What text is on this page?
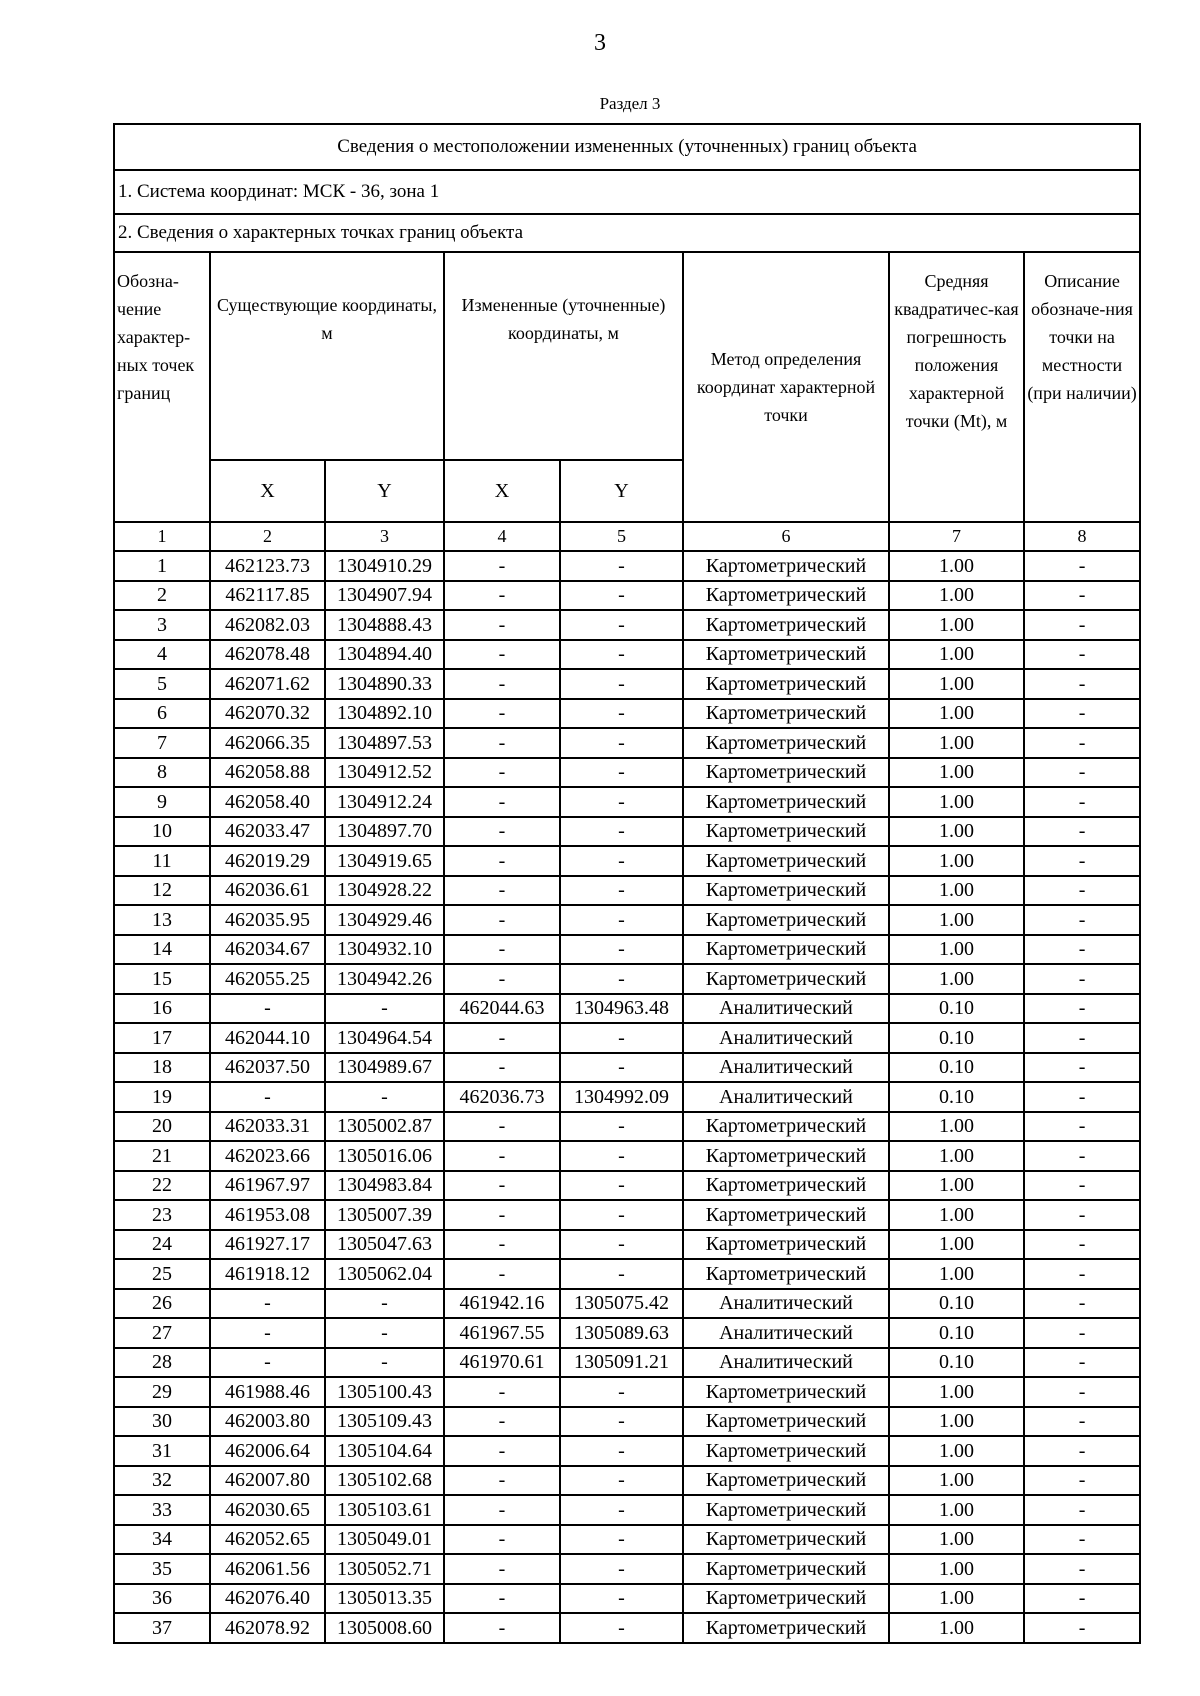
3
Раздел 3
Сведения о местоположении измененных (уточненных) границ объекта							
1. Система координат: МСК - 36, зона 1							
2. Сведения о характерных точках границ объекта							
Обозна-чение характер-ных точек границ	Существующие координаты, м		Измененные (уточненные) координаты, м		Метод определения координат характерной точки	Средняя квадратичес-кая погрешность положения характерной точки (Mt), м	Описание обозначе-ния точки на местности (при наличии)
	X	Y	X	Y			
1	2	3	4	5	6	7	8
1	462123.73	1304910.29	-	-	Картометрический	1.00	-
2	462117.85	1304907.94	-	-	Картометрический	1.00	-
3	462082.03	1304888.43	-	-	Картометрический	1.00	-
4	462078.48	1304894.40	-	-	Картометрический	1.00	-
5	462071.62	1304890.33	-	-	Картометрический	1.00	-
6	462070.32	1304892.10	-	-	Картометрический	1.00	-
7	462066.35	1304897.53	-	-	Картометрический	1.00	-
8	462058.88	1304912.52	-	-	Картометрический	1.00	-
9	462058.40	1304912.24	-	-	Картометрический	1.00	-
10	462033.47	1304897.70	-	-	Картометрический	1.00	-
11	462019.29	1304919.65	-	-	Картометрический	1.00	-
12	462036.61	1304928.22	-	-	Картометрический	1.00	-
13	462035.95	1304929.46	-	-	Картометрический	1.00	-
14	462034.67	1304932.10	-	-	Картометрический	1.00	-
15	462055.25	1304942.26	-	-	Картометрический	1.00	-
16	-	-	462044.63	1304963.48	Аналитический	0.10	-
17	462044.10	1304964.54	-	-	Аналитический	0.10	-
18	462037.50	1304989.67	-	-	Аналитический	0.10	-
19	-	-	462036.73	1304992.09	Аналитический	0.10	-
20	462033.31	1305002.87	-	-	Картометрический	1.00	-
21	462023.66	1305016.06	-	-	Картометрический	1.00	-
22	461967.97	1304983.84	-	-	Картометрический	1.00	-
23	461953.08	1305007.39	-	-	Картометрический	1.00	-
24	461927.17	1305047.63	-	-	Картометрический	1.00	-
25	461918.12	1305062.04	-	-	Картометрический	1.00	-
26	-	-	461942.16	1305075.42	Аналитический	0.10	-
27	-	-	461967.55	1305089.63	Аналитический	0.10	-
28	-	-	461970.61	1305091.21	Аналитический	0.10	-
29	461988.46	1305100.43	-	-	Картометрический	1.00	-
30	462003.80	1305109.43	-	-	Картометрический	1.00	-
31	462006.64	1305104.64	-	-	Картометрический	1.00	-
32	462007.80	1305102.68	-	-	Картометрический	1.00	-
33	462030.65	1305103.61	-	-	Картометрический	1.00	-
34	462052.65	1305049.01	-	-	Картометрический	1.00	-
35	462061.56	1305052.71	-	-	Картометрический	1.00	-
36	462076.40	1305013.35	-	-	Картометрический	1.00	-
37	462078.92	1305008.60	-	-	Картометрический	1.00	-
